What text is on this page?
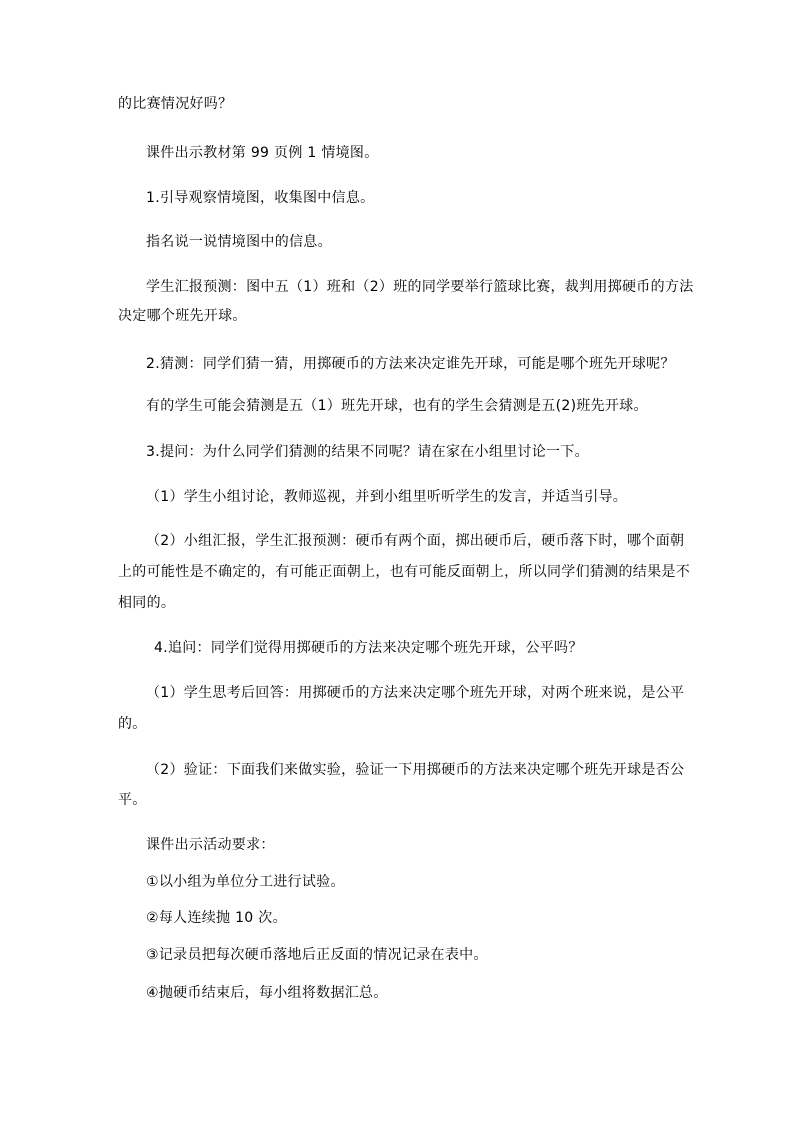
的比赛情况好吗？
课件出示教材第 99 页例 1 情境图。
1.引导观察情境图，收集图中信息。
指名说一说情境图中的信息。
学生汇报预测：图中五（1）班和（2）班的同学要举行篮球比赛，裁判用掷硬币的方法
决定哪个班先开球。
2.猜测：同学们猜一猜，用掷硬币的方法来决定谁先开球，可能是哪个班先开球呢？
有的学生可能会猜测是五（1）班先开球，也有的学生会猜测是五(2)班先开球。
3.提问：为什么同学们猜测的结果不同呢？请在家在小组里讨论一下。
（1）学生小组讨论，教师巡视，并到小组里听听学生的发言，并适当引导。
（2）小组汇报，学生汇报预测：硬币有两个面，掷出硬币后，硬币落下时，哪个面朝
上的可能性是不确定的，有可能正面朝上，也有可能反面朝上，所以同学们猜测的结果是不
相同的。
4.追问：同学们觉得用掷硬币的方法来决定哪个班先开球，公平吗？
（1）学生思考后回答：用掷硬币的方法来决定哪个班先开球，对两个班来说，是公平
的。
（2）验证：下面我们来做实验，验证一下用掷硬币的方法来决定哪个班先开球是否公
平。
课件出示活动要求：
①以小组为单位分工进行试验。
②每人连续抛 10 次。
③记录员把每次硬币落地后正反面的情况记录在表中。
④抛硬币结束后，每小组将数据汇总。
